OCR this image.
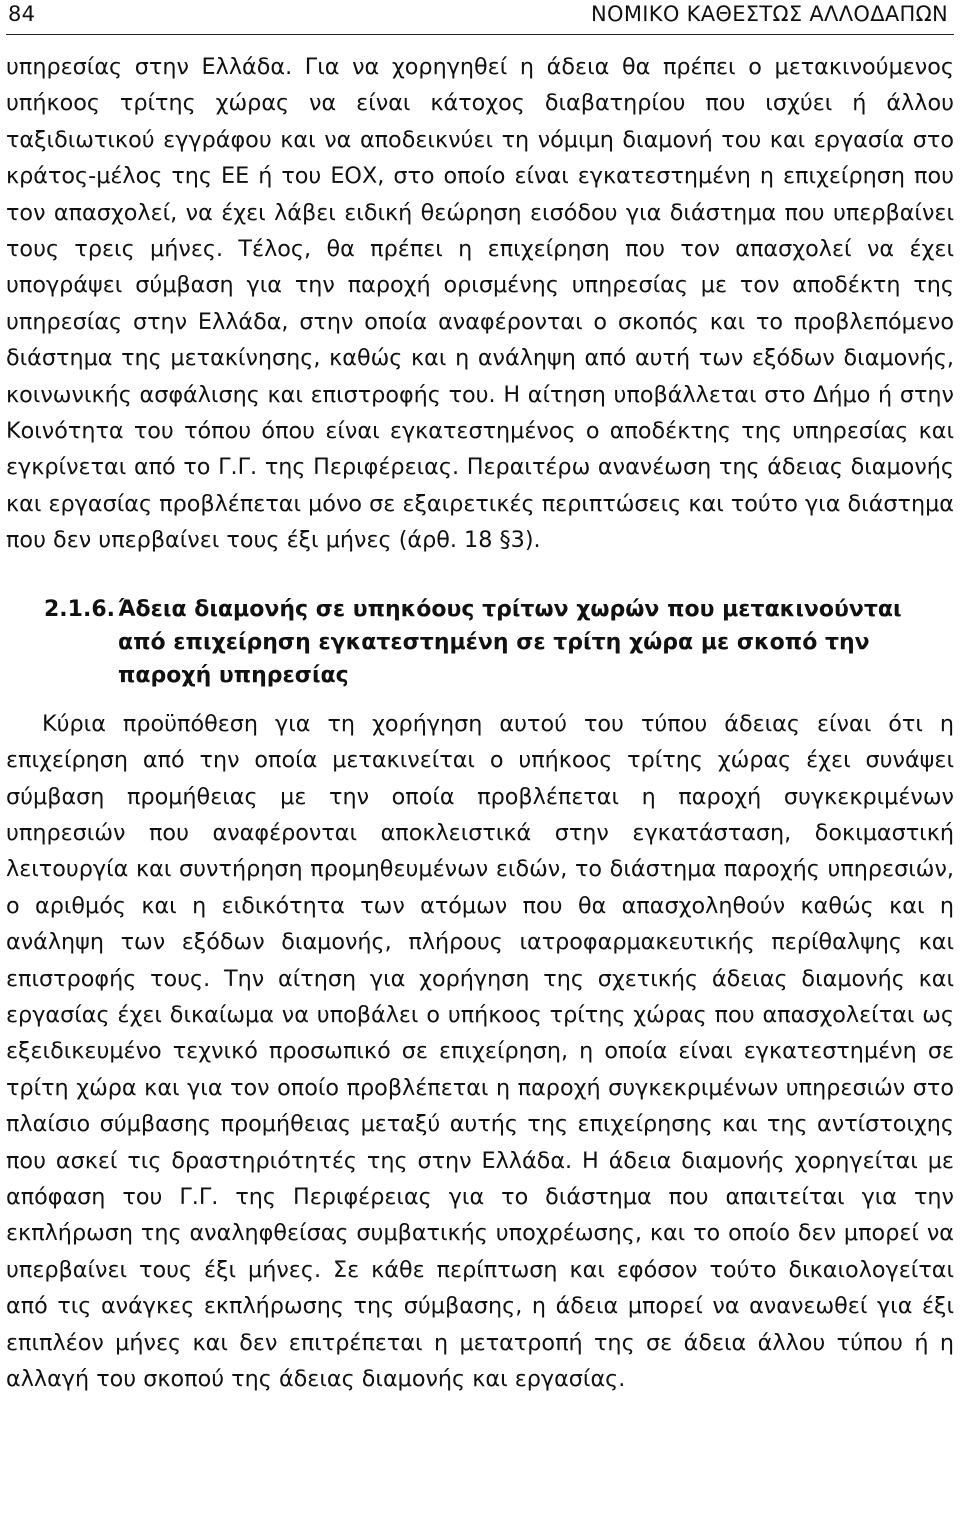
84	ΝΟΜΙΚΟ ΚΑΘΕΣΤΩΣ ΑΛΛΟΔΑΠΩΝ

υπηρεσίας στην Ελλάδα. Για να χορηγηθεί η άδεια θα πρέπει ο μετακινούμενος υπήκοος τρίτης χώρας να είναι κάτοχος διαβατηρίου που ισχύει ή άλλου ταξιδιωτικού εγγράφου και να αποδεικνύει τη νόμιμη διαμονή του και εργασία στο κράτος-μέλος της ΕΕ ή του ΕΟΧ, στο οποίο είναι εγκατεστημένη η επιχείρηση που τον απασχολεί, να έχει λάβει ειδική θεώρηση εισόδου για διάστημα που υπερβαίνει τους τρεις μήνες. Τέλος, θα πρέπει η επιχείρηση που τον απασχολεί να έχει υπογράψει σύμβαση για την παροχή ορισμένης υπηρεσίας με τον αποδέκτη της υπηρεσίας στην Ελλάδα, στην οποία αναφέρονται ο σκοπός και το προβλεπόμενο διάστημα της μετακίνησης, καθώς και η ανάληψη από αυτή των εξόδων διαμονής, κοινωνικής ασφάλισης και επιστροφής του. Η αίτηση υποβάλλεται στο Δήμο ή στην Κοινότητα του τόπου όπου είναι εγκατεστημένος ο αποδέκτης της υπηρεσίας και εγκρίνεται από το Γ.Γ. της Περιφέρειας. Περαιτέρω ανανέωση της άδειας διαμονής και εργασίας προβλέπεται μόνο σε εξαιρετικές περιπτώσεις και τούτο για διάστημα που δεν υπερβαίνει τους έξι μήνες (άρθ. 18 §3).

2.1.6. Άδεια διαμονής σε υπηκόους τρίτων χωρών που μετακινούνται από επιχείρηση εγκατεστημένη σε τρίτη χώρα με σκοπό την παροχή υπηρεσίας

Κύρια προϋπόθεση για τη χορήγηση αυτού του τύπου άδειας είναι ότι η επιχείρηση από την οποία μετακινείται ο υπήκοος τρίτης χώρας έχει συνάψει σύμβαση προμήθειας με την οποία προβλέπεται η παροχή συγκεκριμένων υπηρεσιών που αναφέρονται αποκλειστικά στην εγκατάσταση, δοκιμαστική λειτουργία και συντήρηση προμηθευμένων ειδών, το διάστημα παροχής υπηρεσιών, ο αριθμός και η ειδικότητα των ατόμων που θα απασχοληθούν καθώς και η ανάληψη των εξόδων διαμονής, πλήρους ιατροφαρμακευτικής περίθαλψης και επιστροφής τους. Την αίτηση για χορήγηση της σχετικής άδειας διαμονής και εργασίας έχει δικαίωμα να υποβάλει ο υπήκοος τρίτης χώρας που απασχολείται ως εξειδικευμένο τεχνικό προσωπικό σε επιχείρηση, η οποία είναι εγκατεστημένη σε τρίτη χώρα και για τον οποίο προβλέπεται η παροχή συγκεκριμένων υπηρεσιών στο πλαίσιο σύμβασης προμήθειας μεταξύ αυτής της επιχείρησης και της αντίστοιχης που ασκεί τις δραστηριότητές της στην Ελλάδα. Η άδεια διαμονής χορηγείται με απόφαση του Γ.Γ. της Περιφέρειας για το διάστημα που απαιτείται για την εκπλήρωση της αναληφθείσας συμβατικής υποχρέωσης, και το οποίο δεν μπορεί να υπερβαίνει τους έξι μήνες. Σε κάθε περίπτωση και εφόσον τούτο δικαιολογείται από τις ανάγκες εκπλήρωσης της σύμβασης, η άδεια μπορεί να ανανεωθεί για έξι επιπλέον μήνες και δεν επιτρέπεται η μετατροπή της σε άδεια άλλου τύπου ή η αλλαγή του σκοπού της άδειας διαμονής και εργασίας.
